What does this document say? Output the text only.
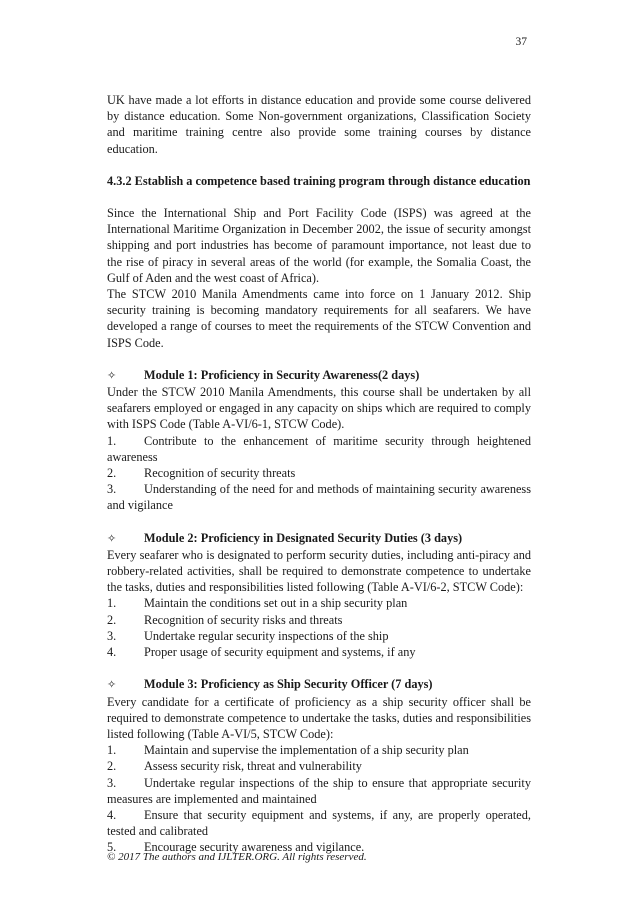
37

UK have made a lot efforts in distance education and provide some course delivered by distance education. Some Non-government organizations, Classification Society and maritime training centre also provide some training courses by distance education.

4.3.2 Establish a competence based training program through distance education

Since the International Ship and Port Facility Code (ISPS) was agreed at the International Maritime Organization in December 2002, the issue of security amongst shipping and port industries has become of paramount importance, not least due to the rise of piracy in several areas of the world (for example, the Somalia Coast, the Gulf of Aden and the west coast of Africa).

The STCW 2010 Manila Amendments came into force on 1 January 2012. Ship security training is becoming mandatory requirements for all seafarers. We have developed a range of courses to meet the requirements of the STCW Convention and ISPS Code.

✧	Module 1: Proficiency in Security Awareness(2 days)

Under the STCW 2010 Manila Amendments, this course shall be undertaken by all seafarers employed or engaged in any capacity on ships which are required to comply with ISPS Code (Table A-VI/6-1, STCW Code).

1. Contribute to the enhancement of maritime security through heightened awareness
2.	Recognition of security threats
3. Understanding of the need for and methods of maintaining security awareness and vigilance
✧	Module 2: Proficiency in Designated Security Duties (3 days)

Every seafarer who is designated to perform security duties, including anti-piracy and robbery-related activities, shall be required to demonstrate competence to undertake the tasks, duties and responsibilities listed following (Table A-VI/6-2, STCW Code):

1.	Maintain the conditions set out in a ship security plan
2.	Recognition of security risks and threats
3.	Undertake regular security inspections of the ship
4.	Proper usage of security equipment and systems, if any
✧	Module 3: Proficiency as Ship Security Officer (7 days)

Every candidate for a certificate of proficiency as a ship security officer shall be required to demonstrate competence to undertake the tasks, duties and responsibilities listed following (Table A-VI/5, STCW Code):

1.	Maintain and supervise the implementation of a ship security plan
2.	Assess security risk, threat and vulnerability
3. Undertake regular inspections of the ship to ensure that appropriate security measures are implemented and maintained
4. Ensure that security equipment and systems, if any, are properly operated, tested and calibrated
5.	Encourage security awareness and vigilance.
© 2017 The authors and IJLTER.ORG. All rights reserved.
